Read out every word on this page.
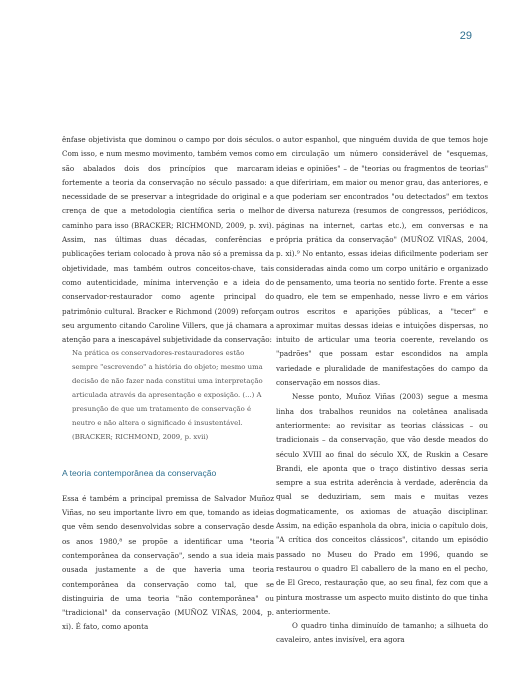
29

ênfase objetivista que dominou o campo por dois séculos. Com isso, e num mesmo movimento, também vemos como são abalados dois dos princípios que marcaram fortemente a teoria da conservação no século passado: a necessidade de se preservar a integridade do original e a crença de que a metodologia científica seria o melhor caminho para isso (BRACKER; RICHMOND, 2009, p. xvi). Assim, nas últimas duas décadas, conferências e publicações teriam colocado à prova não só a premissa da objetividade, mas também outros conceitos-chave, tais como autenticidade, mínima intervenção e a ideia do conservador-restaurador como agente principal do patrimônio cultural. Bracker e Richmond (2009) reforçam seu argumento citando Caroline Villers, que já chamara a atenção para a inescapável subjetividade da conservação:

Na prática os conservadores-restauradores estão sempre "escrevendo" a história do objeto; mesmo uma decisão de não fazer nada constitui uma interpretação articulada através da apresentação e exposição. (...) A presunção de que um tratamento de conservação é neutro e não altera o significado é insustentável. (BRACKER; RICHMOND, 2009, p. xvii)

A teoria contemporânea da conservação

Essa é também a principal premissa de Salvador Muñoz Viñas, no seu importante livro em que, tomando as ideias que vêm sendo desenvolvidas sobre a conservação desde os anos 1980,⁸ se propõe a identificar uma "teoria contemporânea da conservação", sendo a sua ideia mais ousada justamente a de que haveria uma teoria contemporânea da conservação como tal, que se distinguiria de uma teoria "não contemporânea" ou "tradicional" da conservação (MUÑOZ VIÑAS, 2004, p. xi). É fato, como aponta

o autor espanhol, que ninguém duvida de que temos hoje em circulação um número considerável de "esquemas, ideias e opiniões" – de "teorias ou fragmentos de teorias" que difeririam, em maior ou menor grau, das anteriores, e que poderiam ser encontrados "ou detectados" em textos de diversa natureza (resumos de congressos, periódicos, páginas na internet, cartas etc.), em conversas e na própria prática da conservação" (MUÑOZ VIÑAS, 2004, p. xi).⁹ No entanto, essas ideias dificilmente poderiam ser consideradas ainda como um corpo unitário e organizado de pensamento, uma teoria no sentido forte. Frente a esse quadro, ele tem se empenhado, nesse livro e em vários outros escritos e aparições públicas, a "tecer" e aproximar muitas dessas ideias e intuições dispersas, no intuito de articular uma teoria coerente, revelando os "padrões" que possam estar escondidos na ampla variedade e pluralidade de manifestações do campo da conservação em nossos dias.

Nesse ponto, Muñoz Viñas (2003) segue a mesma linha dos trabalhos reunidos na coletânea analisada anteriormente: ao revisitar as teorias clássicas – ou tradicionais – da conservação, que vão desde meados do século XVIII ao final do século XX, de Ruskin a Cesare Brandi, ele aponta que o traço distintivo dessas seria sempre a sua estrita aderência à verdade, aderência da qual se deduziriam, sem mais e muitas vezes dogmaticamente, os axiomas de atuação disciplinar. Assim, na edição espanhola da obra, inicia o capítulo dois, "A crítica dos conceitos clássicos", citando um episódio passado no Museu do Prado em 1996, quando se restaurou o quadro El caballero de la mano en el pecho, de El Greco, restauração que, ao seu final, fez com que a pintura mostrasse um aspecto muito distinto do que tinha anteriormente.

O quadro tinha diminuído de tamanho; a silhueta do cavaleiro, antes invisível, era agora
